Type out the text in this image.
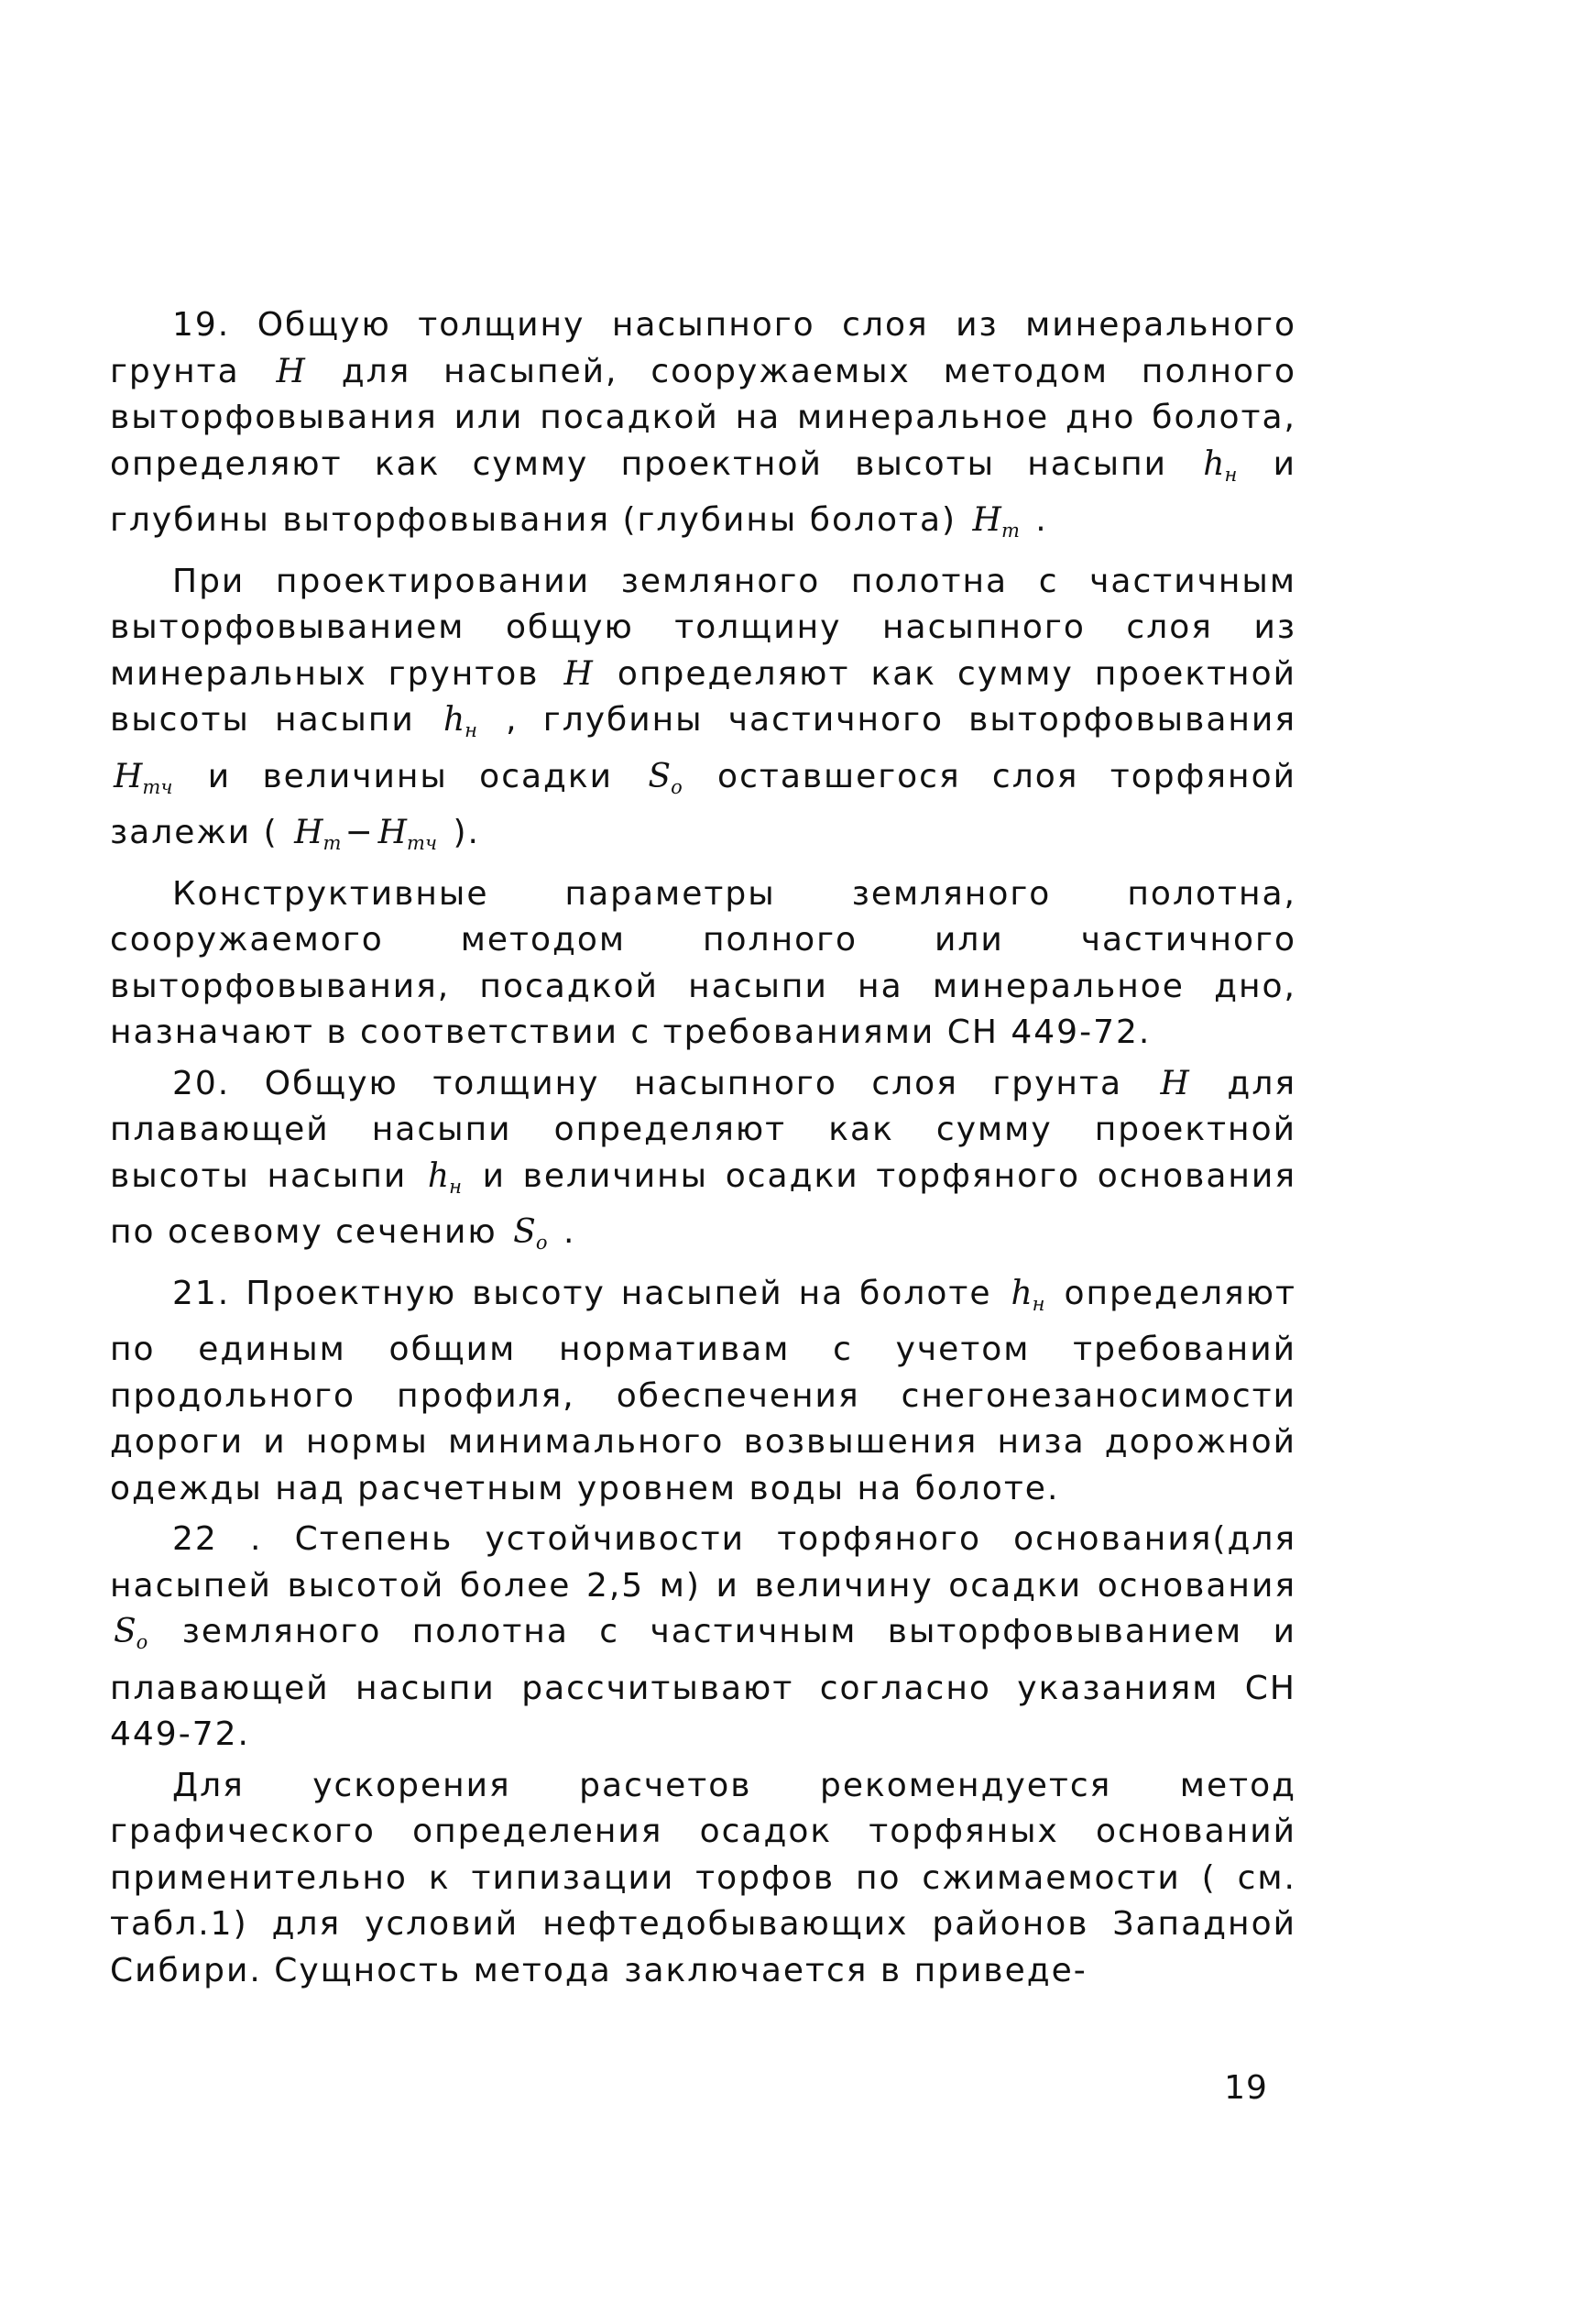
19. Общую толщину насыпного слоя из минерального грунта H для насыпей, сооружаемых методом полного выторфовывания или посадкой на минеральное дно болота, определяют как сумму проектной высоты насыпи $h_н$ и глубины выторфовывания (глубины болота) $H_т$ .

При проектировании земляного полотна с частичным выторфовыванием общую толщину насыпного слоя из минеральных грунтов H определяют как сумму проектной высоты насыпи $h_н$ , глубины частичного выторфовывания $H_{тч}$ и величины осадки $S_о$ оставшегося слоя торфяной залежи ( $H_т - H_{тч}$ ).

Конструктивные параметры земляного полотна, сооружаемого методом полного или частичного выторфовывания, посадкой насыпи на минеральное дно, назначают в соответствии с требованиями СН 449-72.

20. Общую толщину насыпного слоя грунта H для плавающей насыпи определяют как сумму проектной высоты насыпи $h_н$ и величины осадки торфяного основания по осевому сечению $S_о$ .

21. Проектную высоту насыпей на болоте $h_н$ определяют по единым общим нормативам с учетом требований продольного профиля, обеспечения снегонезаносимости дороги и нормы минимального возвышения низа дорожной одежды над расчетным уровнем воды на болоте.

22 . Степень устойчивости торфяного основания(для насыпей высотой более 2,5 м) и величину осадки основания $S_о$ земляного полотна с частичным выторфовыванием и плавающей насыпи рассчитывают согласно указаниям СН 449-72.

Для ускорения расчетов рекомендуется метод графического определения осадок торфяных оснований применительно к типизации торфов по сжимаемости ( см. табл.1) для условий нефтедобывающих районов Западной Сибири. Сущность метода заключается в приведе-

19
